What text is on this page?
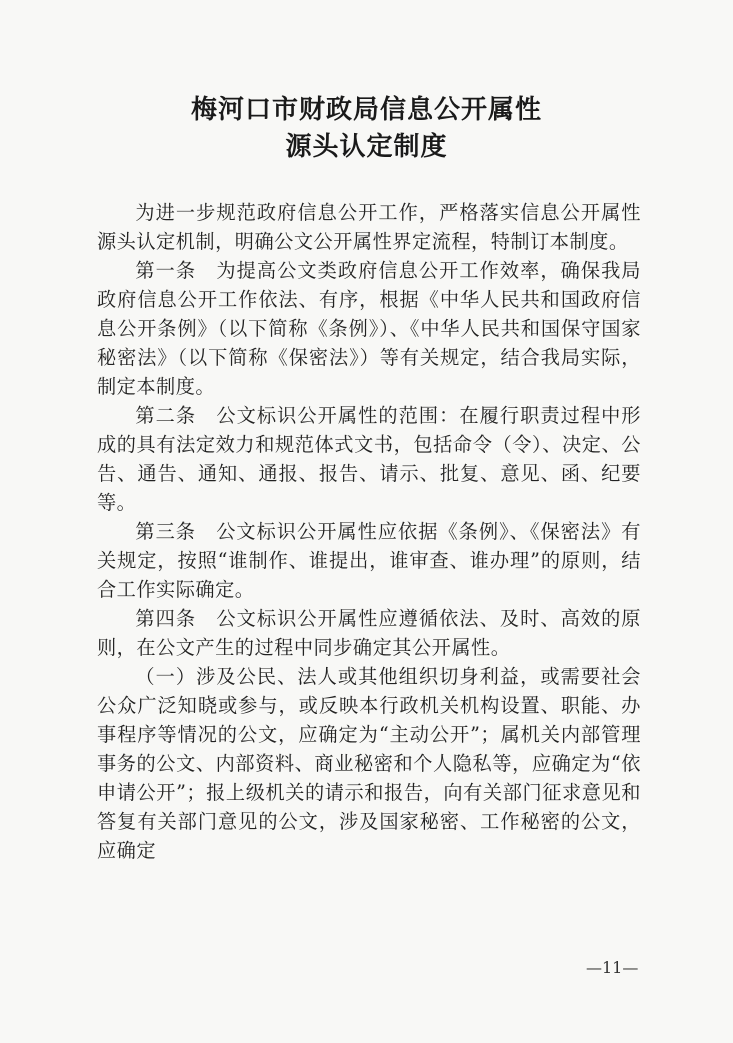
梅河口市财政局信息公开属性
源头认定制度

为进一步规范政府信息公开工作，严格落实信息公开属性源头认定机制，明确公文公开属性界定流程，特制订本制度。

第一条　为提高公文类政府信息公开工作效率，确保我局政府信息公开工作依法、有序，根据《中华人民共和国政府信息公开条例》（以下简称《条例》）、《中华人民共和国保守国家秘密法》（以下简称《保密法》）等有关规定，结合我局实际，制定本制度。

第二条　公文标识公开属性的范围：在履行职责过程中形成的具有法定效力和规范体式文书，包括命令（令）、决定、公告、通告、通知、通报、报告、请示、批复、意见、函、纪要等。

第三条　公文标识公开属性应依据《条例》、《保密法》有关规定，按照“谁制作、谁提出，谁审查、谁办理”的原则，结合工作实际确定。

第四条　公文标识公开属性应遵循依法、及时、高效的原则，在公文产生的过程中同步确定其公开属性。

（一）涉及公民、法人或其他组织切身利益，或需要社会公众广泛知晓或参与，或反映本行政机关机构设置、职能、办事程序等情况的公文，应确定为“主动公开”；属机关内部管理事务的公文、内部资料、商业秘密和个人隐私等，应确定为“依申请公开”；报上级机关的请示和报告，向有关部门征求意见和答复有关部门意见的公文，涉及国家秘密、工作秘密的公文，应确定

—11—
